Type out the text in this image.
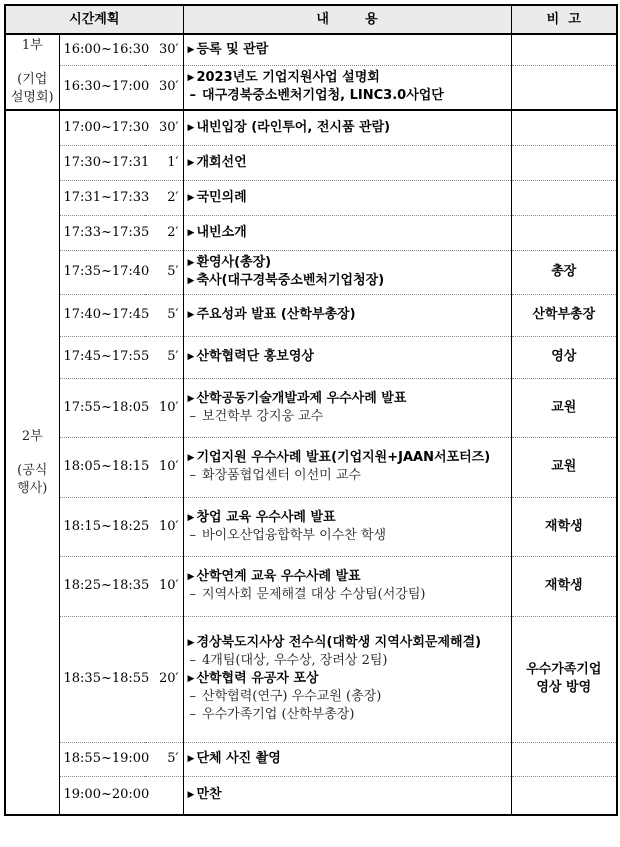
시간계획			내        용	비  고

1부
(기업
설명회)	16:00~16:30	30′	▶ 등록 및 관람	

	16:30~17:00	30′	▶ 2023년도 기업지원사업 설명회
– 대구경북중소벤처기업청, LINC3.0사업단	

2부
(공식
행사)	17:00~17:30	30′	▶ 내빈입장 (라인투어, 전시품 관람)	

	17:30~17:31	1′	▶ 개회선언	

	17:31~17:33	2′	▶ 국민의례	

	17:33~17:35	2′	▶ 내빈소개	

	17:35~17:40	5′	▶ 환영사(총장)
▶ 축사(대구경북중소벤처기업청장)	총장
	17:40~17:45	5′	▶ 주요성과 발표 (산학부총장)	산학부총장
	17:45~17:55	5′	▶ 산학협력단 홍보영상	영상
	17:55~18:05	10′	▶ 산학공동기술개발과제 우수사례 발표
– 보건학부 강지웅 교수	교원
	18:05~18:15	10′	▶ 기업지원 우수사례 발표(기업지원+JAAN서포터즈)
– 화장품협업센터 이선미 교수	교원
	18:15~18:25	10′	▶ 창업 교육 우수사례 발표
– 바이오산업융합학부 이수찬 학생	재학생
	18:25~18:35	10′	▶ 산학연계 교육 우수사례 발표
– 지역사회 문제해결 대상 수상팀(서강팀)	재학생
	18:35~18:55	20′	▶ 경상북도지사상 전수식(대학생 지역사회문제해결)
– 4개팀(대상, 우수상, 장려상 2팀)
▶ 산학협력 유공자 포상
– 산학협력(연구) 우수교원 (총장)
– 우수가족기업 (산학부총장)	우수가족기업
영상 방영
	18:55~19:00	5′	▶ 단체 사진 촬영	

	19:00~20:00		▶ 만찬	
